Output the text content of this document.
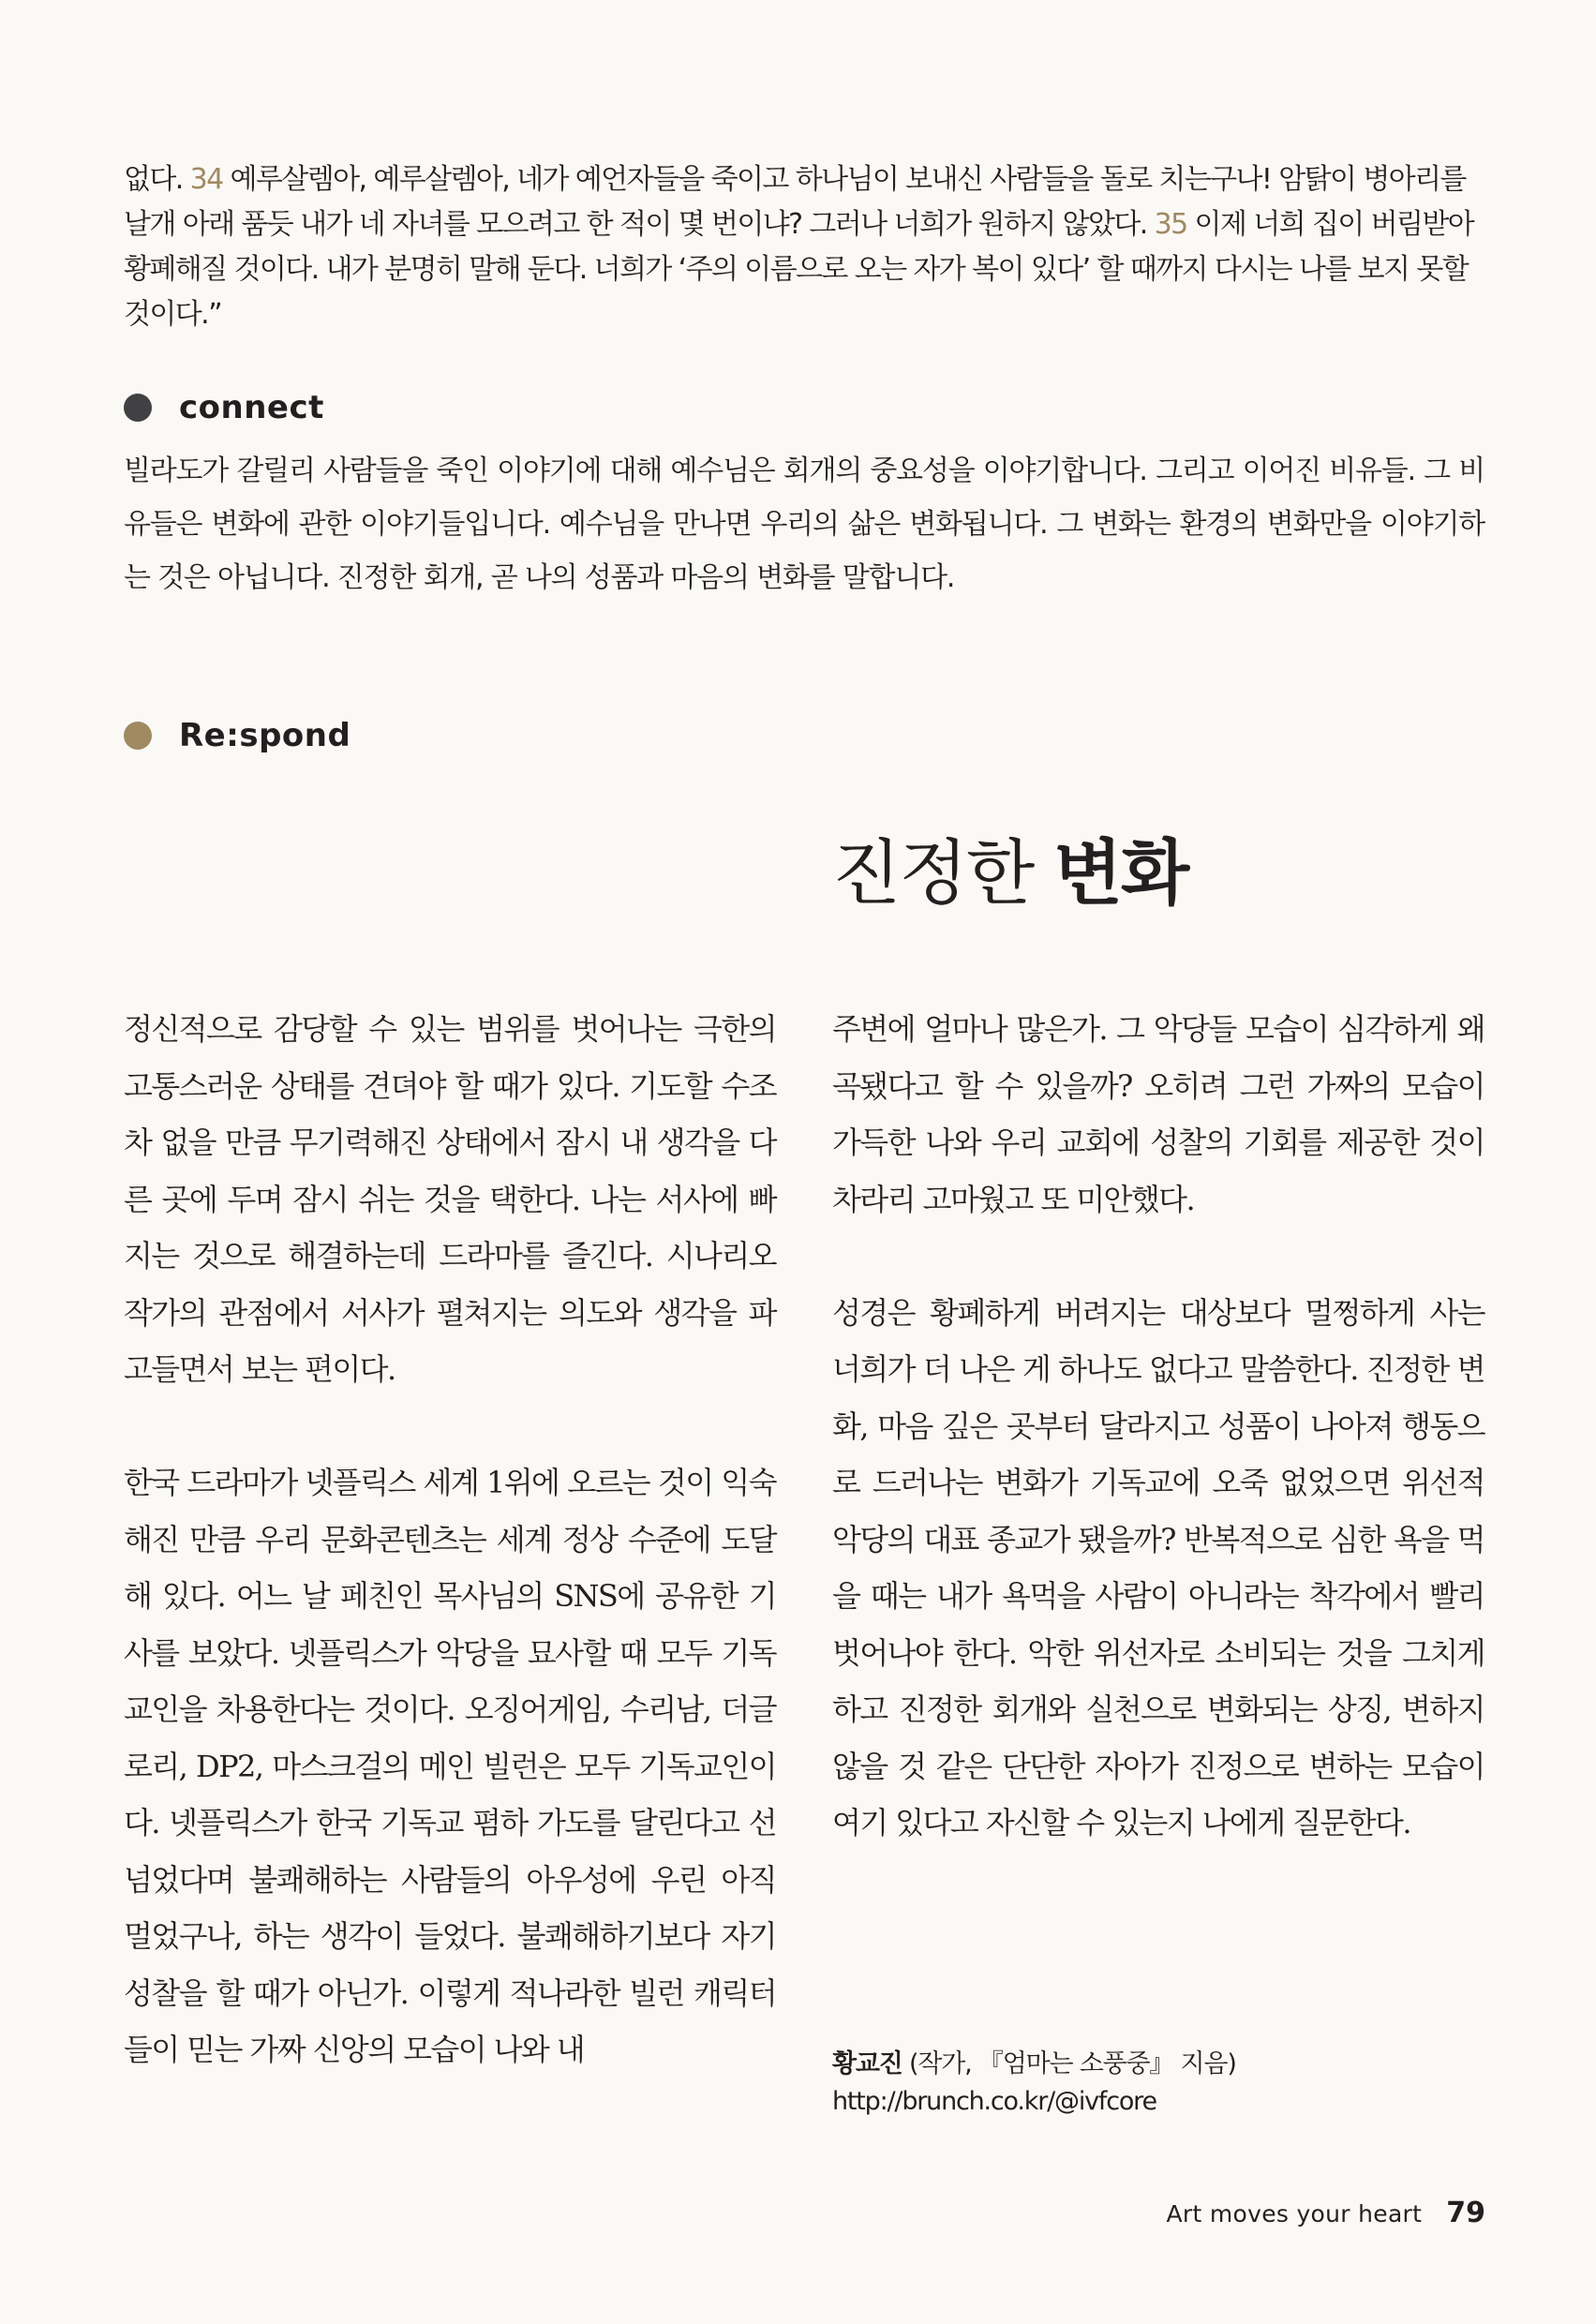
없다. 34 예루살렘아, 예루살렘아, 네가 예언자들을 죽이고 하나님이 보내신 사람들을 돌로 치는구나! 암탉이 병아리를 날개 아래 품듯 내가 네 자녀를 모으려고 한 적이 몇 번이냐? 그러나 너희가 원하지 않았다. 35 이제 너희 집이 버림받아 황폐해질 것이다. 내가 분명히 말해 둔다. 너희가 ‘주의 이름으로 오는 자가 복이 있다’ 할 때까지 다시는 나를 보지 못할 것이다.”

connect

빌라도가 갈릴리 사람들을 죽인 이야기에 대해 예수님은 회개의 중요성을 이야기합니다. 그리고 이어진 비유들. 그 비유들은 변화에 관한 이야기들입니다. 예수님을 만나면 우리의 삶은 변화됩니다. 그 변화는 환경의 변화만을 이야기하는 것은 아닙니다. 진정한 회개, 곧 나의 성품과 마음의 변화를 말합니다.

Re:spond
진정한 변화

정신적으로 감당할 수 있는 범위를 벗어나는 극한의 고통스러운 상태를 견뎌야 할 때가 있다. 기도할 수조차 없을 만큼 무기력해진 상태에서 잠시 내 생각을 다른 곳에 두며 잠시 쉬는 것을 택한다. 나는 서사에 빠지는 것으로 해결하는데 드라마를 즐긴다. 시나리오 작가의 관점에서 서사가 펼쳐지는 의도와 생각을 파고들면서 보는 편이다.

한국 드라마가 넷플릭스 세계 1위에 오르는 것이 익숙해진 만큼 우리 문화콘텐츠는 세계 정상 수준에 도달해 있다. 어느 날 페친인 목사님의 SNS에 공유한 기사를 보았다. 넷플릭스가 악당을 묘사할 때 모두 기독교인을 차용한다는 것이다. 오징어게임, 수리남, 더글로리, DP2, 마스크걸의 메인 빌런은 모두 기독교인이다. 넷플릭스가 한국 기독교 폄하 가도를 달린다고 선 넘었다며 불쾌해하는 사람들의 아우성에 우린 아직 멀었구나, 하는 생각이 들었다. 불쾌해하기보다 자기 성찰을 할 때가 아닌가. 이렇게 적나라한 빌런 캐릭터들이 믿는 가짜 신앙의 모습이 나와 내

주변에 얼마나 많은가. 그 악당들 모습이 심각하게 왜곡됐다고 할 수 있을까? 오히려 그런 가짜의 모습이 가득한 나와 우리 교회에 성찰의 기회를 제공한 것이 차라리 고마웠고 또 미안했다.

성경은 황폐하게 버려지는 대상보다 멀쩡하게 사는 너희가 더 나은 게 하나도 없다고 말씀한다. 진정한 변화, 마음 깊은 곳부터 달라지고 성품이 나아져 행동으로 드러나는 변화가 기독교에 오죽 없었으면 위선적 악당의 대표 종교가 됐을까? 반복적으로 심한 욕을 먹을 때는 내가 욕먹을 사람이 아니라는 착각에서 빨리 벗어나야 한다. 악한 위선자로 소비되는 것을 그치게 하고 진정한 회개와 실천으로 변화되는 상징, 변하지 않을 것 같은 단단한 자아가 진정으로 변하는 모습이 여기 있다고 자신할 수 있는지 나에게 질문한다.

황교진 (작가, 『엄마는 소풍중』 지음)
http://brunch.co.kr/@ivfcore
Art moves your heart 79
